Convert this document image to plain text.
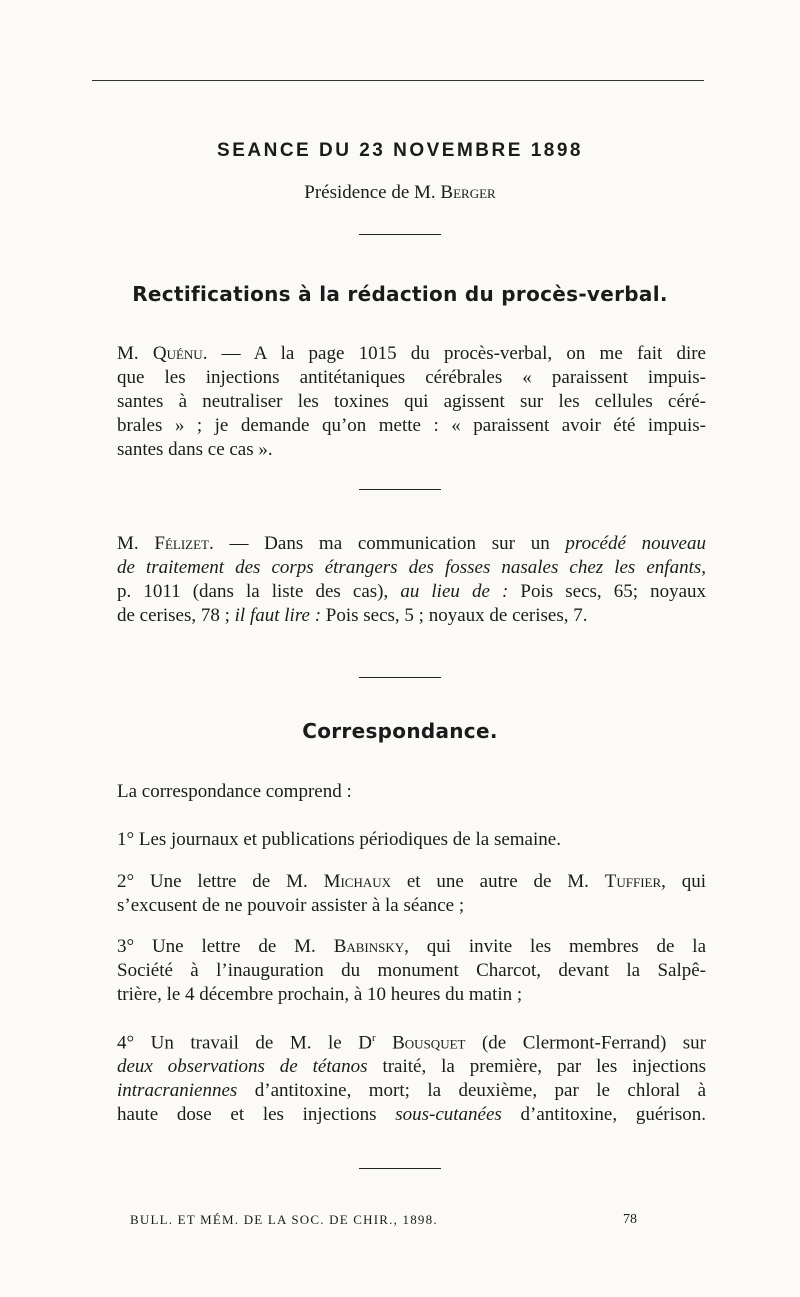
SEANCE DU 23 NOVEMBRE 1898
Présidence de M. Berger
Rectifications à la rédaction du procès-verbal.
M. Quénu. — A la page 1015 du procès-verbal, on me fait dire
que les injections antitétaniques cérébrales « paraissent impuis-
santes à neutraliser les toxines qui agissent sur les cellules céré-
brales » ; je demande qu’on mette : « paraissent avoir été impuis-
santes dans ce cas ».
M. Félizet. — Dans ma communication sur un procédé nouveau
de traitement des corps étrangers des fosses nasales chez les enfants,
p. 1011 (dans la liste des cas), au lieu de : Pois secs, 65; noyaux
de cerises, 78 ; il faut lire : Pois secs, 5 ; noyaux de cerises, 7.
Correspondance.
La correspondance comprend :
1° Les journaux et publications périodiques de la semaine.
2° Une lettre de M. Michaux et une autre de M. Tuffier, qui
s’excusent de ne pouvoir assister à la séance ;
3° Une lettre de M. Babinsky, qui invite les membres de la
Société à l’inauguration du monument Charcot, devant la Salpê-
trière, le 4 décembre prochain, à 10 heures du matin ;
4° Un travail de M. le $D^r$ Bousquet (de Clermont-Ferrand) sur
deux observations de tétanos traité, la première, par les injections
intracraniennes d’antitoxine, mort; la deuxième, par le chloral à
haute dose et les injections sous-cutanées d’antitoxine, guérison.
BULL. ET MÉM. DE LA SOC. DE CHIR., 1898.	78
